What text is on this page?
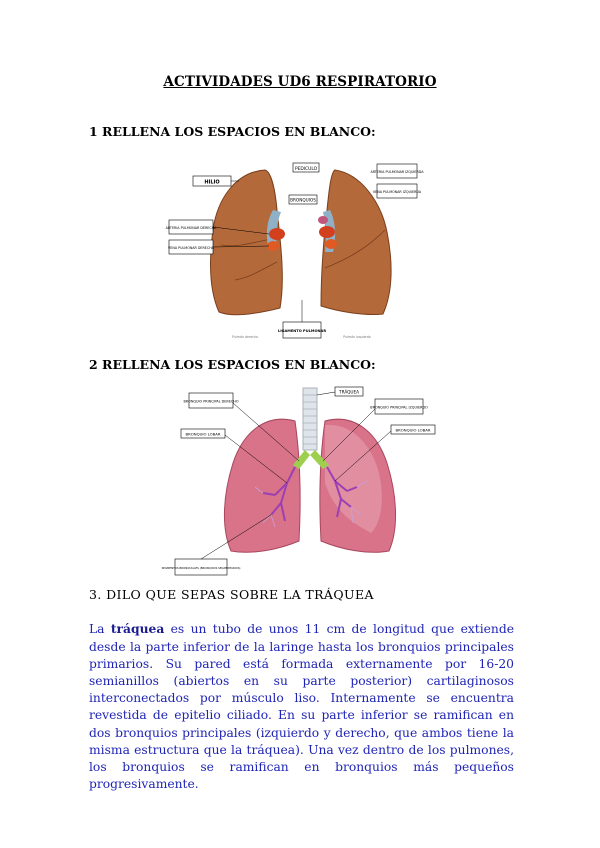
ACTIVIDADES UD6 RESPIRATORIO
1 RELLENA LOS ESPACIOS EN BLANCO:
HILIO
PEDICULO
BRONQUIOS
ARTERIA PULMONAR IZQUIERDA
VENA PULMONAR IZQUIERDA
ARTERIA PULMONAR DERECHA
VENA PULMONAR DERECHA
LIGAMENTO PULMONAR
Pulmón derecho	Pulmón izquierdo
2 RELLENA LOS ESPACIOS EN BLANCO:
TRÁQUEA
BRONQUIO PRINCIPAL DERECHO
BRONQUIO PRINCIPAL IZQUIERDO
BRONQUIO LOBAR
BRONQUIO LOBAR
SEGMENTOS BRONQUIALES (BRONQUIOS SEGMENTARIOS)
3. DILO QUE SEPAS SOBRE LA TRÁQUEA

La tráquea es un tubo de unos 11 cm de longitud que extiende desde la parte inferior de la laringe hasta los bronquios principales primarios. Su pared está formada externamente por 16-20 semianillos (abiertos en su parte posterior) cartilaginosos interconectados por músculo liso. Internamente se encuentra revestida de epitelio ciliado. En su parte inferior se ramifican en dos bronquios principales (izquierdo y derecho, que ambos tiene la misma estructura que la tráquea). Una vez dentro de los pulmones, los bronquios se ramifican en bronquios más pequeños progresivamente.
